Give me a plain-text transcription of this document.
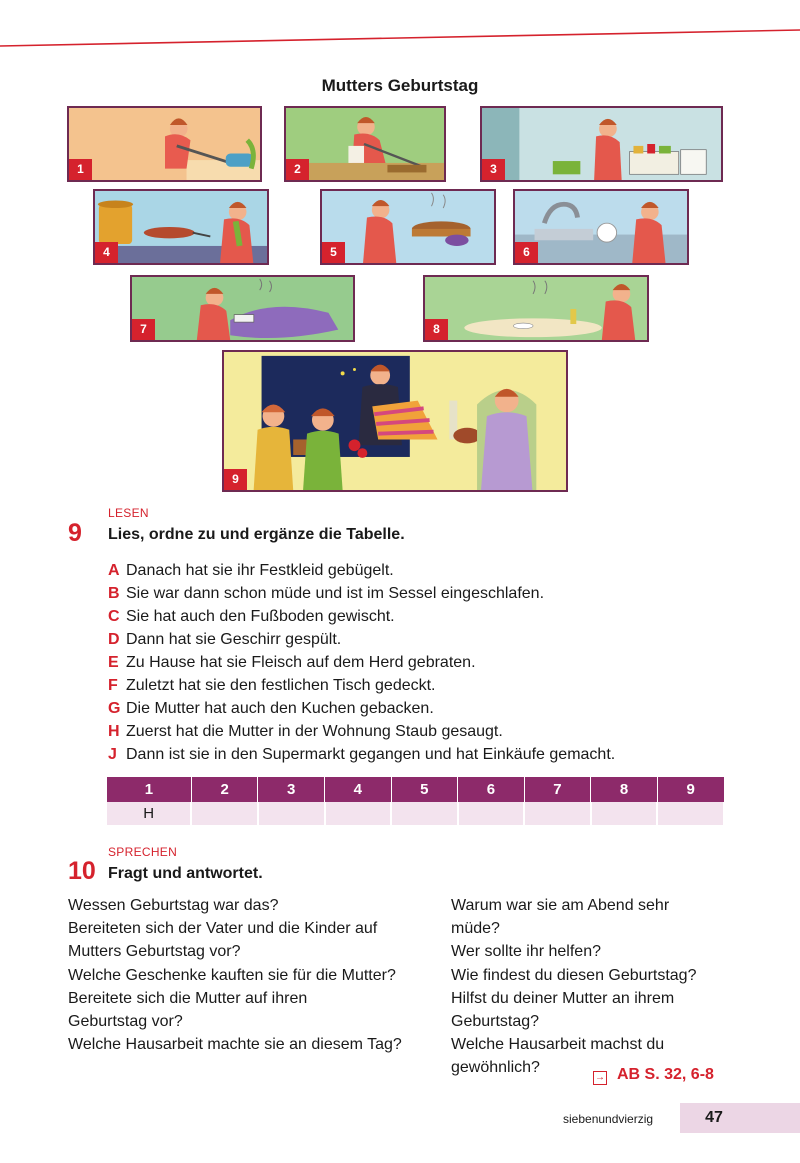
Mutters Geburtstag
1	2	3
4	5	6
7	8
9
LESEN
9 Lies, ordne zu und ergänze die Tabelle.
A Danach hat sie ihr Festkleid gebügelt.
B Sie war dann schon müde und ist im Sessel eingeschlafen.
C Sie hat auch den Fußboden gewischt.
D Dann hat sie Geschirr gespült.
E Zu Hause hat sie Fleisch auf dem Herd gebraten.
F Zuletzt hat sie den festlichen Tisch gedeckt.
G Die Mutter hat auch den Kuchen gebacken.
H Zuerst hat die Mutter in der Wohnung Staub gesaugt.
J Dann ist sie in den Supermarkt gegangen und hat Einkäufe gemacht.
1	2	3	4	5	6	7	8	9
H								
SPRECHEN
10 Fragt und antwortet.
Wessen Geburtstag war das?
Bereiteten sich der Vater und die Kinder auf
Mutters Geburtstag vor?
Welche Geschenke kauften sie für die Mutter?
Bereitete sich die Mutter auf ihren
Geburtstag vor?
Welche Hausarbeit machte sie an diesem Tag?
Warum war sie am Abend sehr
müde?
Wer sollte ihr helfen?
Wie findest du diesen Geburtstag?
Hilfst du deiner Mutter an ihrem
Geburtstag?
Welche Hausarbeit machst du
gewöhnlich?
→ AB S. 32, 6-8
siebenundvierzig	47
